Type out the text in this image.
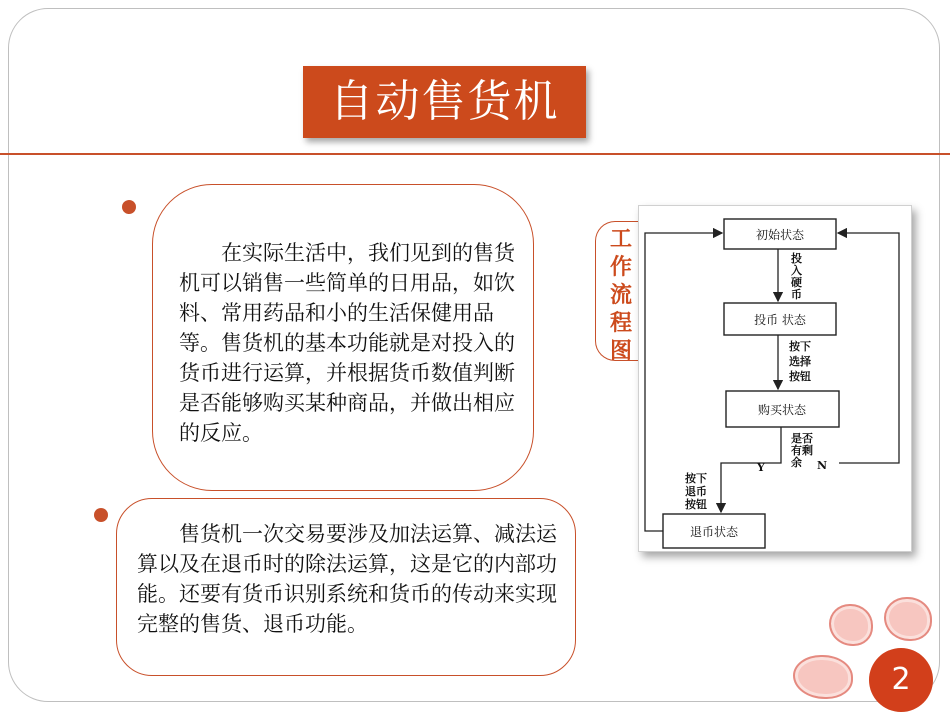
自动售货机
在实际生活中，我们见到的售货机可以销售一些简单的日用品，如饮料、常用药品和小的生活保健用品等。售货机的基本功能就是对投入的货币进行运算，并根据货币数值判断是否能够购买某种商品，并做出相应的反应。
售货机一次交易要涉及加法运算、减法运算以及在退币时的除法运算，这是它的内部功能。还要有货币识别系统和货币的传动来实现完整的售货、退币功能。
工作流程图
初始状态
投币 状态
购买状态
退币状态
投
入
硬
币
按下
选择
按钮
是否
有剩
余
Y	N
按下
退币
按钮
2
